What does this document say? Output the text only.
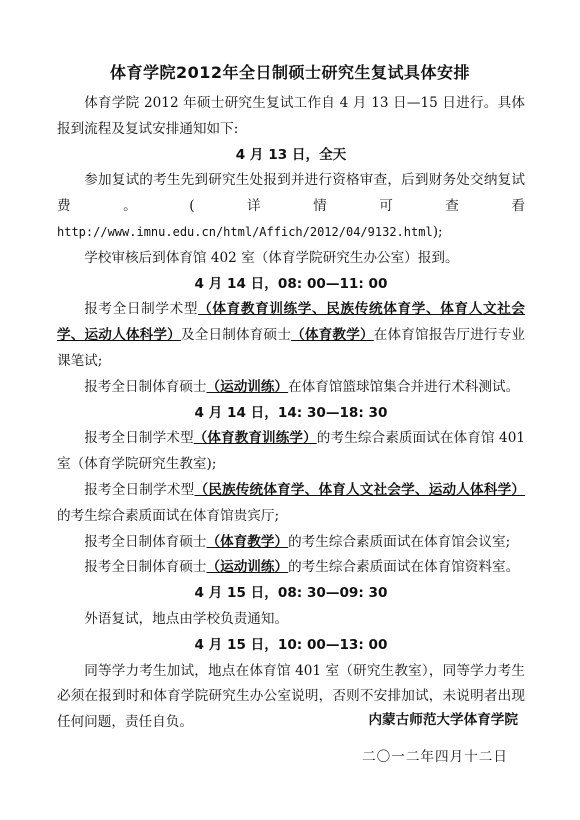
体育学院2012年全日制硕士研究生复试具体安排

体育学院 2012 年硕士研究生复试工作自 4 月 13 日—15 日进行。具体报到流程及复试安排通知如下:

4 月 13 日，全天

参加复试的考生先到研究生处报到并进行资格审查，后到财务处交纳复试费。(详情可查看 http://www.imnu.edu.cn/html/Affich/2012/04/9132.html);

学校审核后到体育馆 402 室（体育学院研究生办公室）报到。

4 月 14 日，08: 00—11: 00

报考全日制学术型（体育教育训练学、民族传统体育学、体育人文社会学、运动人体科学）及全日制体育硕士（体育教学）在体育馆报告厅进行专业课笔试;

报考全日制体育硕士（运动训练）在体育馆篮球馆集合并进行术科测试。

4 月 14 日，14: 30—18: 30

报考全日制学术型（体育教育训练学）的考生综合素质面试在体育馆 401 室（体育学院研究生教室);

报考全日制学术型（民族传统体育学、体育人文社会学、运动人体科学）的考生综合素质面试在体育馆贵宾厅;

报考全日制体育硕士（体育教学）的考生综合素质面试在体育馆会议室;

报考全日制体育硕士（运动训练）的考生综合素质面试在体育馆资料室。

4 月 15 日，08: 30—09: 30

外语复试，地点由学校负责通知。

4 月 15 日，10: 00—13: 00

同等学力考生加试，地点在体育馆 401 室（研究生教室），同等学力考生必须在报到时和体育学院研究生办公室说明，否则不安排加试，未说明者出现任何问题，责任自负。	内蒙古师范大学体育学院
二〇一二年四月十二日
